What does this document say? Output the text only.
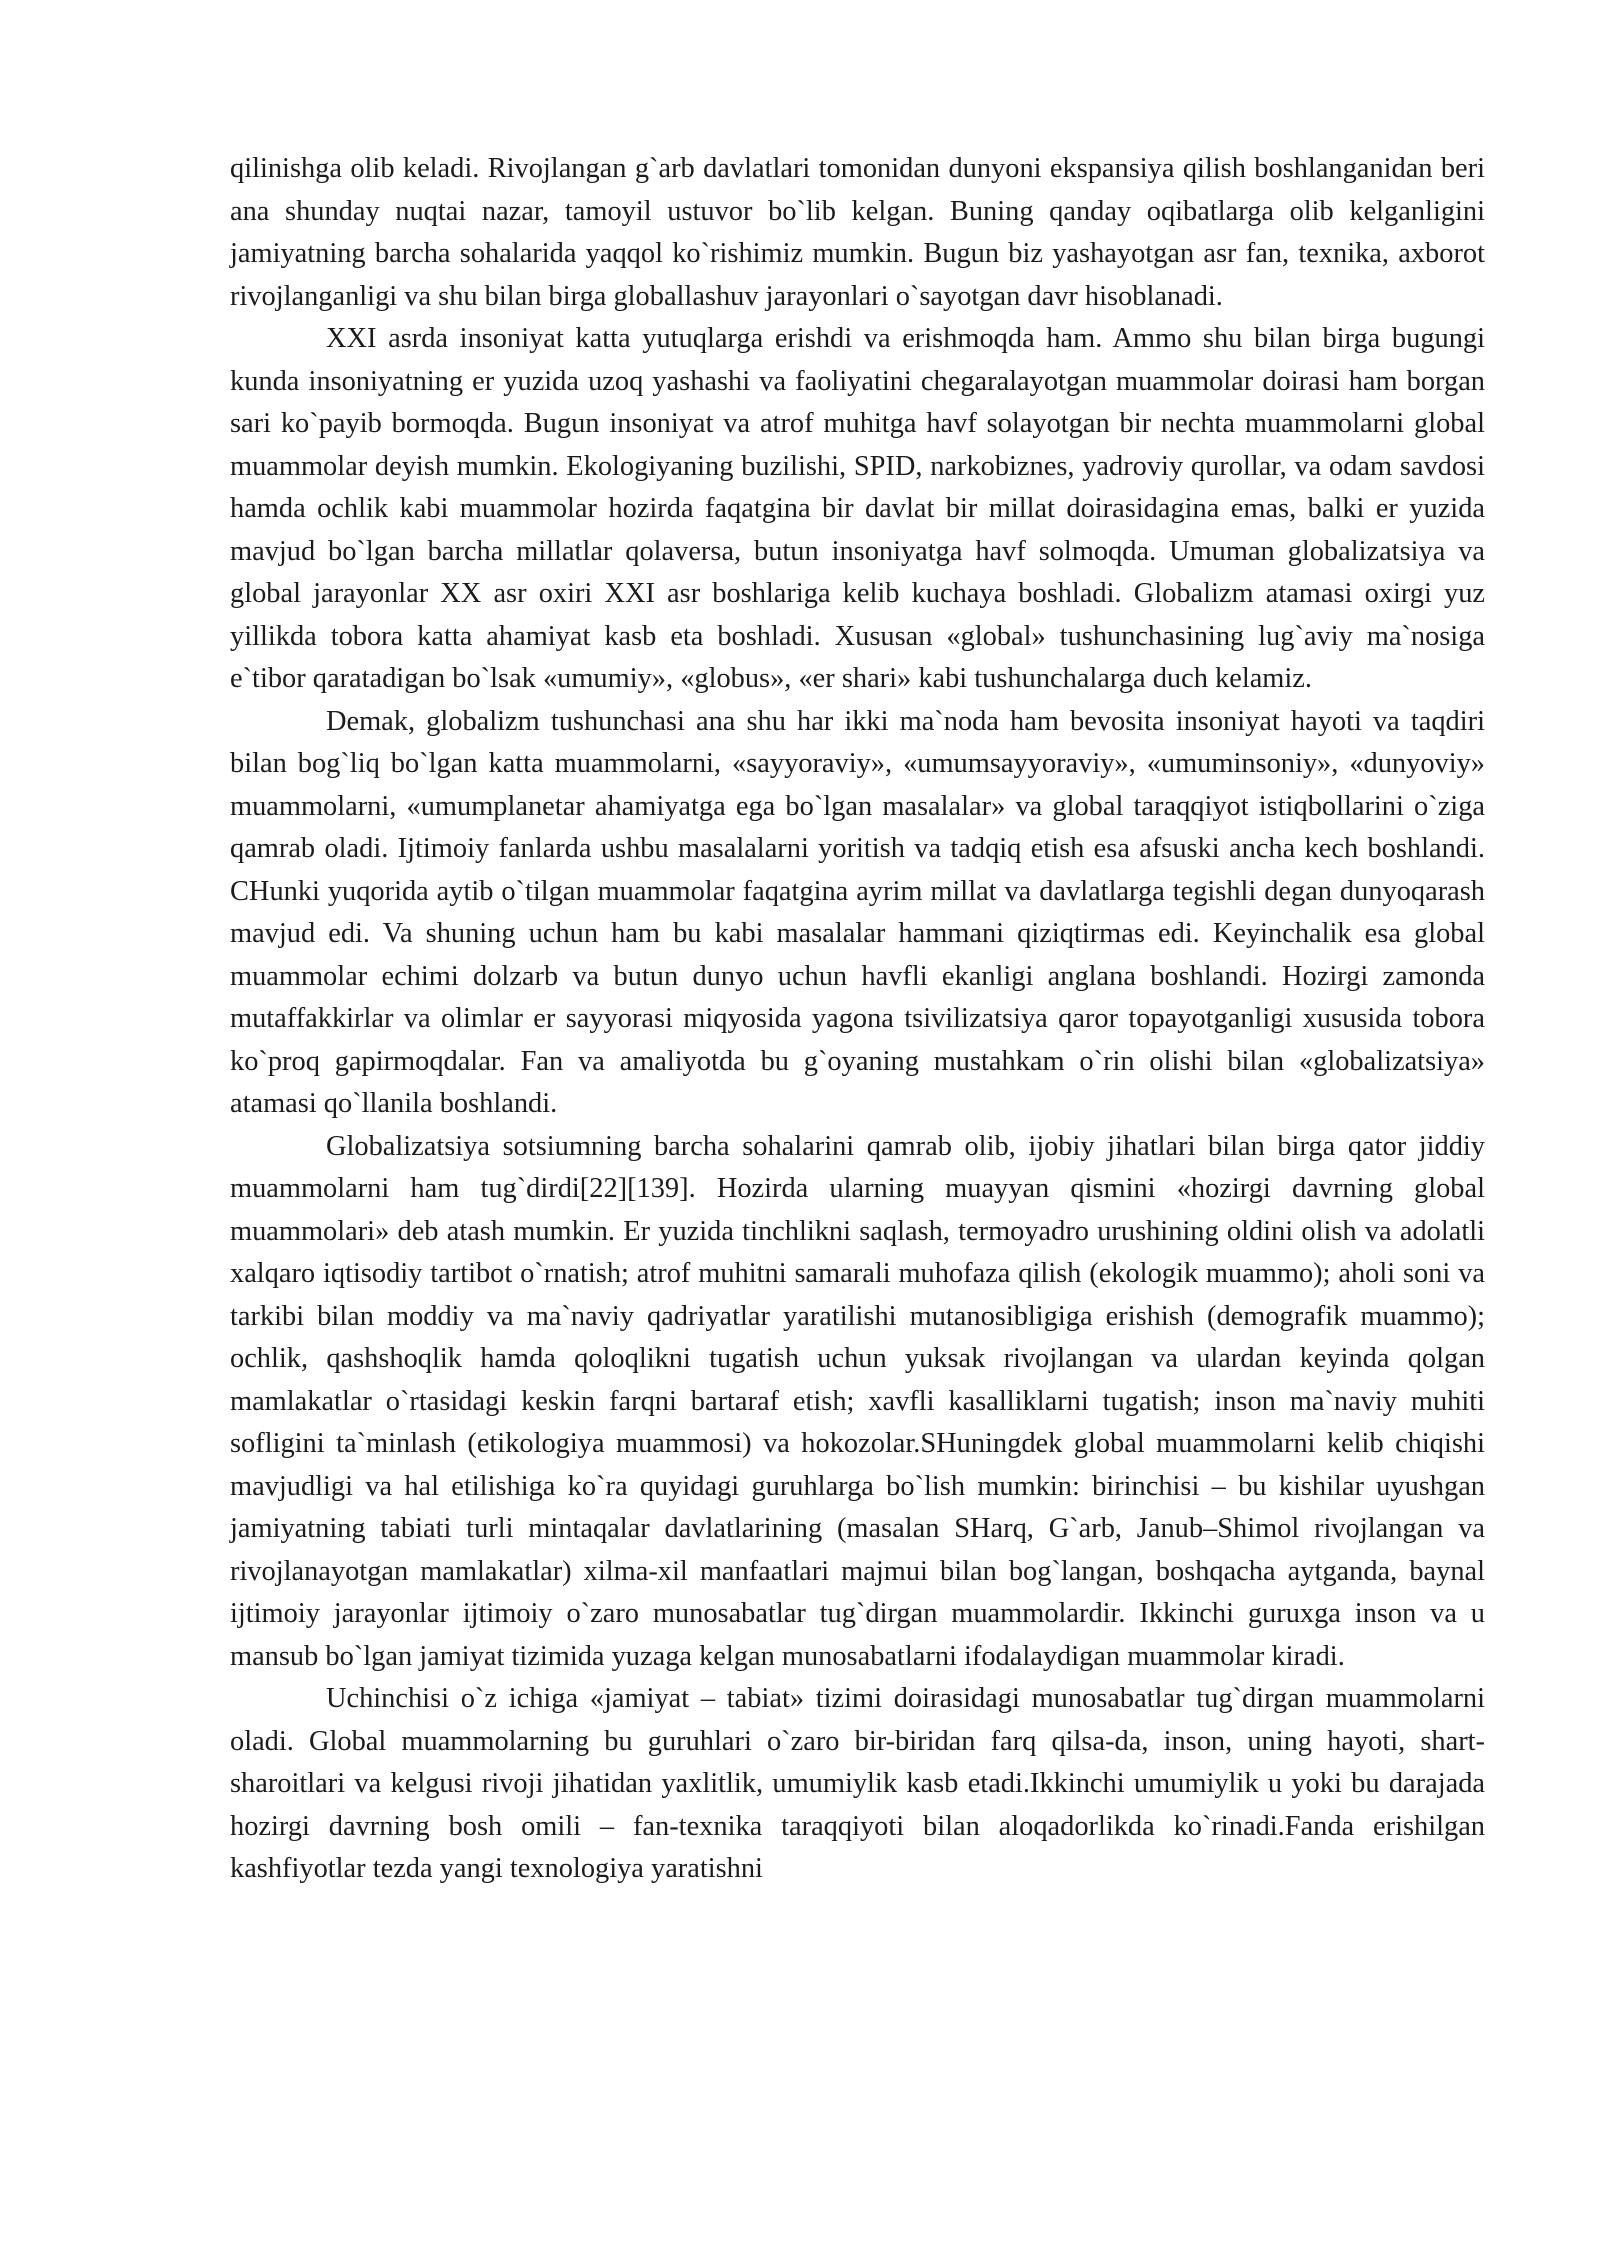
qilinishga olib keladi. Rivojlangan g`arb davlatlari tomonidan dunyoni ekspansiya qilish boshlanganidan beri ana shunday nuqtai nazar, tamoyil ustuvor bo`lib kelgan. Buning qanday oqibatlarga olib kelganligini jamiyatning barcha sohalarida yaqqol ko`rishimiz mumkin. Bugun biz yashayotgan asr fan, texnika, axborot rivojlanganligi va shu bilan birga globallashuv jarayonlari o`sayotgan davr hisoblanadi.

XXI asrda insoniyat katta yutuqlarga erishdi va erishmoqda ham. Ammo shu bilan birga bugungi kunda insoniyatning er yuzida uzoq yashashi va faoliyatini chegaralayotgan muammolar doirasi ham borgan sari ko`payib bormoqda. Bugun insoniyat va atrof muhitga havf solayotgan bir nechta muammolarni global muammolar deyish mumkin. Ekologiyaning buzilishi, SPID, narkobiznes, yadroviy qurollar, va odam savdosi hamda ochlik kabi muammolar hozirda faqatgina bir davlat bir millat doirasidagina emas, balki er yuzida mavjud bo`lgan barcha millatlar qolaversa, butun insoniyatga havf solmoqda. Umuman globalizatsiya va global jarayonlar XX asr oxiri XXI asr boshlariga kelib kuchaya boshladi. Globalizm atamasi oxirgi yuz yillikda tobora katta ahamiyat kasb eta boshladi. Xususan «global» tushunchasining lug`aviy ma`nosiga e`tibor qaratadigan bo`lsak «umumiy», «globus», «er shari» kabi tushunchalarga duch kelamiz.

Demak, globalizm tushunchasi ana shu har ikki ma`noda ham bevosita insoniyat hayoti va taqdiri bilan bog`liq bo`lgan katta muammolarni, «sayyoraviy», «umumsayyoraviy», «umuminsoniy», «dunyoviy» muammolarni, «umumplanetar ahamiyatga ega bo`lgan masalalar» va global taraqqiyot istiqbollarini o`ziga qamrab oladi. Ijtimoiy fanlarda ushbu masalalarni yoritish va tadqiq etish esa afsuski ancha kech boshlandi. CHunki yuqorida aytib o`tilgan muammolar faqatgina ayrim millat va davlatlarga tegishli degan dunyoqarash mavjud edi. Va shuning uchun ham bu kabi masalalar hammani qiziqtirmas edi. Keyinchalik esa global muammolar echimi dolzarb va butun dunyo uchun havfli ekanligi anglana boshlandi. Hozirgi zamonda mutaffakkirlar va olimlar er sayyorasi miqyosida yagona tsivilizatsiya qaror topayotganligi xususida tobora ko`proq gapirmoqdalar. Fan va amaliyotda bu g`oyaning mustahkam o`rin olishi bilan «globalizatsiya» atamasi qo`llanila boshlandi.

Globalizatsiya sotsiumning barcha sohalarini qamrab olib, ijobiy jihatlari bilan birga qator jiddiy muammolarni ham tug`dirdi[22][139]. Hozirda ularning muayyan qismini «hozirgi davrning global muammolari» deb atash mumkin. Er yuzida tinchlikni saqlash, termoyadro urushining oldini olish va adolatli xalqaro iqtisodiy tartibot o`rnatish; atrof muhitni samarali muhofaza qilish (ekologik muammo); aholi soni va tarkibi bilan moddiy va ma`naviy qadriyatlar yaratilishi mutanosibligiga erishish (demografik muammo); ochlik, qashshoqlik hamda qoloqlikni tugatish uchun yuksak rivojlangan va ulardan keyinda qolgan mamlakatlar o`rtasidagi keskin farqni bartaraf etish; xavfli kasalliklarni tugatish; inson ma`naviy muhiti sofligini ta`minlash (etikologiya muammosi) va hokozolar.SHuningdek global muammolarni kelib chiqishi mavjudligi va hal etilishiga ko`ra quyidagi guruhlarga bo`lish mumkin: birinchisi – bu kishilar uyushgan jamiyatning tabiati turli mintaqalar davlatlarining (masalan SHarq, G`arb, Janub–Shimol rivojlangan va rivojlanayotgan mamlakatlar) xilma-xil manfaatlari majmui bilan bog`langan, boshqacha aytganda, baynal ijtimoiy jarayonlar ijtimoiy o`zaro munosabatlar tug`dirgan muammolardir. Ikkinchi guruxga inson va u mansub bo`lgan jamiyat tizimida yuzaga kelgan munosabatlarni ifodalaydigan muammolar kiradi.

Uchinchisi o`z ichiga «jamiyat – tabiat» tizimi doirasidagi munosabatlar tug`dirgan muammolarni oladi. Global muammolarning bu guruhlari o`zaro bir-biridan farq qilsa-da, inson, uning hayoti, shart-sharoitlari va kelgusi rivoji jihatidan yaxlitlik, umumiylik kasb etadi.Ikkinchi umumiylik u yoki bu darajada hozirgi davrning bosh omili – fan-texnika taraqqiyoti bilan aloqadorlikda ko`rinadi.Fanda erishilgan kashfiyotlar tezda yangi texnologiya yaratishni
